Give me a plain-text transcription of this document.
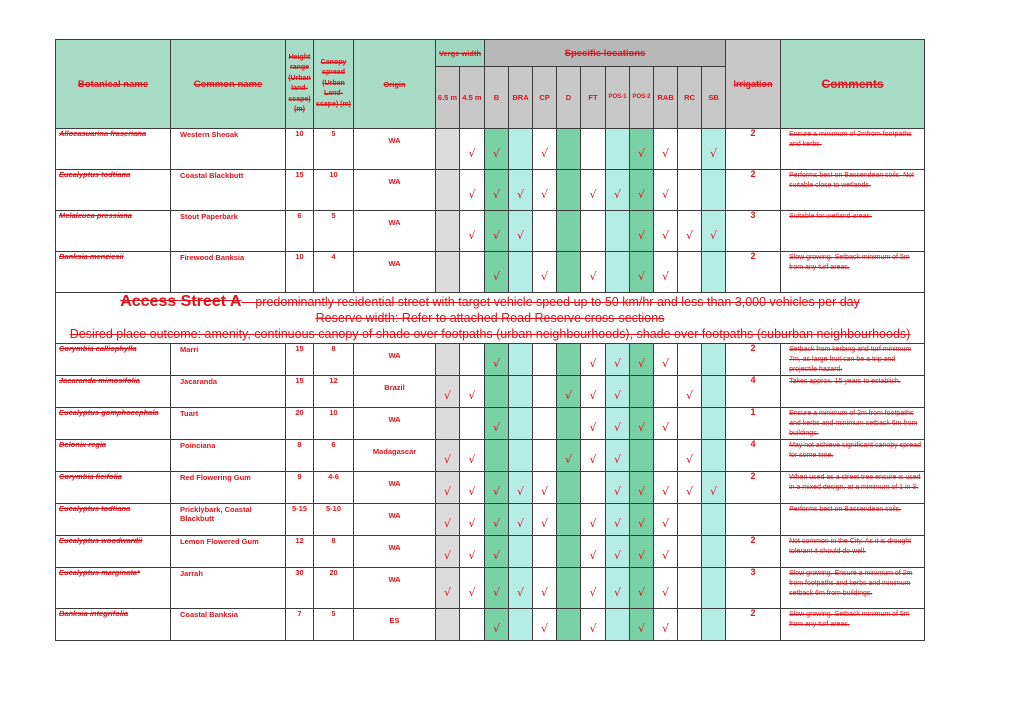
Botanical name	Common name	Height range (Urban land-scape) (m)	Canopy spread (Urban Land-scape) (m)	Origin	Verge width		Specific locations										Irrigation	Comments
					6.5 m	4.5 m	B	BRA	CP	D	FT	POS-1	POS-2	RAB	RC	SB		
Allocasuarina fraseriana	Western Sheoak	10	5	WA		√	√		√				√	√		√	2	Ensure a minimum of 2mfrom footpaths and kerbs.
Eucalyptus todtiana	Coastal Blackbutt	15	10	WA		√	√	√	√		√	√	√	√			2	Performs best on Bassendean soils. Not suitable close to wetlands.
Melaleuca pressiana	Stout Paperbark	6	5	WA		√	√	√					√	√	√	√	3	Suitable for wetland areas.
Banksia menziesii	Firewood Banksia	10	4	WA			√		√		√		√	√			2	Slow growing. Setback minimum of 5m from any turf areas.
Access Street A – predominantly residential street with target vehicle speed up to 50 km/hr and less than 3,000 vehicles per day
Reserve width: Refer to attached Road Reserve cross-sections
Desired place outcome: amenity, continuous canopy of shade over footpaths (urban neighbourhoods), shade over footpaths (suburban neighbourhoods)																		
Corymbia calliophylla	Marri	15	8	WA			√				√	√	√	√			2	Setback from kerbing and turf minimum 7m, as large fruit can be a trip and projectile hazard.
Jacaranda mimosifolia	Jacaranda	15	12	Brazil	√	√				√	√	√			√		4	Takes approx. 15 years to establish.
Eucalyptus gomphocephala	Tuart	20	10	WA			√				√	√	√	√			1	Ensure a minimum of 2m from footpaths and kerbs and minimum setback 6m from buildings.
Delonix regia	Poinciana	8	6	Madagascar	√	√				√	√	√			√		4	May not achieve significant canopy spread for some time.
Corymbia ficifolia	Red Flowering Gum	9	4-6	WA	√	√	√	√	√			√	√	√	√	√	2	When used as a street tree ensure is used in a mixed design, at a minimum of 1 in 3.
Eucalyptus todtiana	Pricklybark, Coastal Blackbutt	5-15	5-10	WA	√	√	√	√	√		√	√	√	√				Performs best on Bassendean soils.
Eucalyptus woodwardii	Lemon Flowered Gum	12	8	WA	√	√	√				√	√	√	√			2	Not common in the City. As it is drought tolerant it should do well.
Eucalyptus marginata*	Jarrah	30	20	WA	√	√	√	√	√		√	√	√	√			3	Slow growing. Ensure a minimum of 2m from footpaths and kerbs and minimum setback 6m from buildings.
Banksia integrifolia	Coastal Banksia	7	5	ES			√		√		√		√	√			2	Slow growing. Setback minimum of 5m from any turf areas.
